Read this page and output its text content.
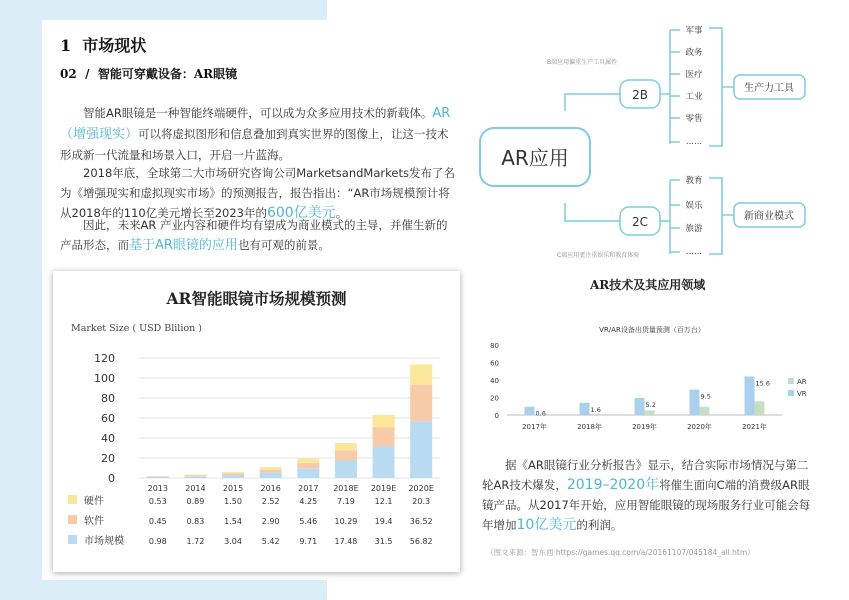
1 市场现状
02 / 智能可穿戴设备：AR眼镜

智能AR眼镜是一种智能终端硬件，可以成为众多应用技术的新载体。AR（增强现实）可以将虚拟图形和信息叠加到真实世界的图像上，让这一技术形成新一代流量和场景入口，开启一片蓝海。

2018年底，全球第二大市场研究咨询公司MarketsandMarkets发布了名为《增强现实和虚拟现实市场》的预测报告，报告指出：“AR市场规模预计将从2018年的110亿美元增长至2023年的600亿美元。

因此，未来AR 产业内容和硬件均有望成为商业模式的主导，并催生新的产品形态，而基于AR眼镜的应用也有可观的前景。

AR智能眼镜市场规模预测
Market Size ( USD Blilion )
0
20
40
60
80
100
120
2013 2014 2015 2016 2017 2018E 2019E 2020E
硬件	0.53 0.89 1.50 2.52 4.25 7.19 12.1 20.3
软件	0.45 0.83 1.54 2.90 5.46 10.29 19.4 36.52
市场规模	0.98 1.72 3.04 5.42 9.71 17.48 31.5 56.82
AR应用
2B
2C
B端应用偏重生产工具属性
C端应用更注重娱乐和教育体验
军事
政务
医疗
工业
零售
......
教育
娱乐
旅游
......
生产力工具
新商业模式
AR技术及其应用领域
VR/AR设备出货量预测（百万台）
0
20
40
60
80
0.6
2017年
1.6
2018年
5.2
2019年
9.5
2020年
15.6
2021年
AR
VR

据《AR眼镜行业分析报告》显示，结合实际市场情况与第二轮AR技术爆发，2019–2020年将催生面向C端的消费级AR眼镜产品。从2017年开始，应用智能眼镜的现场服务行业可能会每年增加10亿美元的利润。

（图文来源：智东西 https://games.qq.com/a/20161107/045184_all.htm）
